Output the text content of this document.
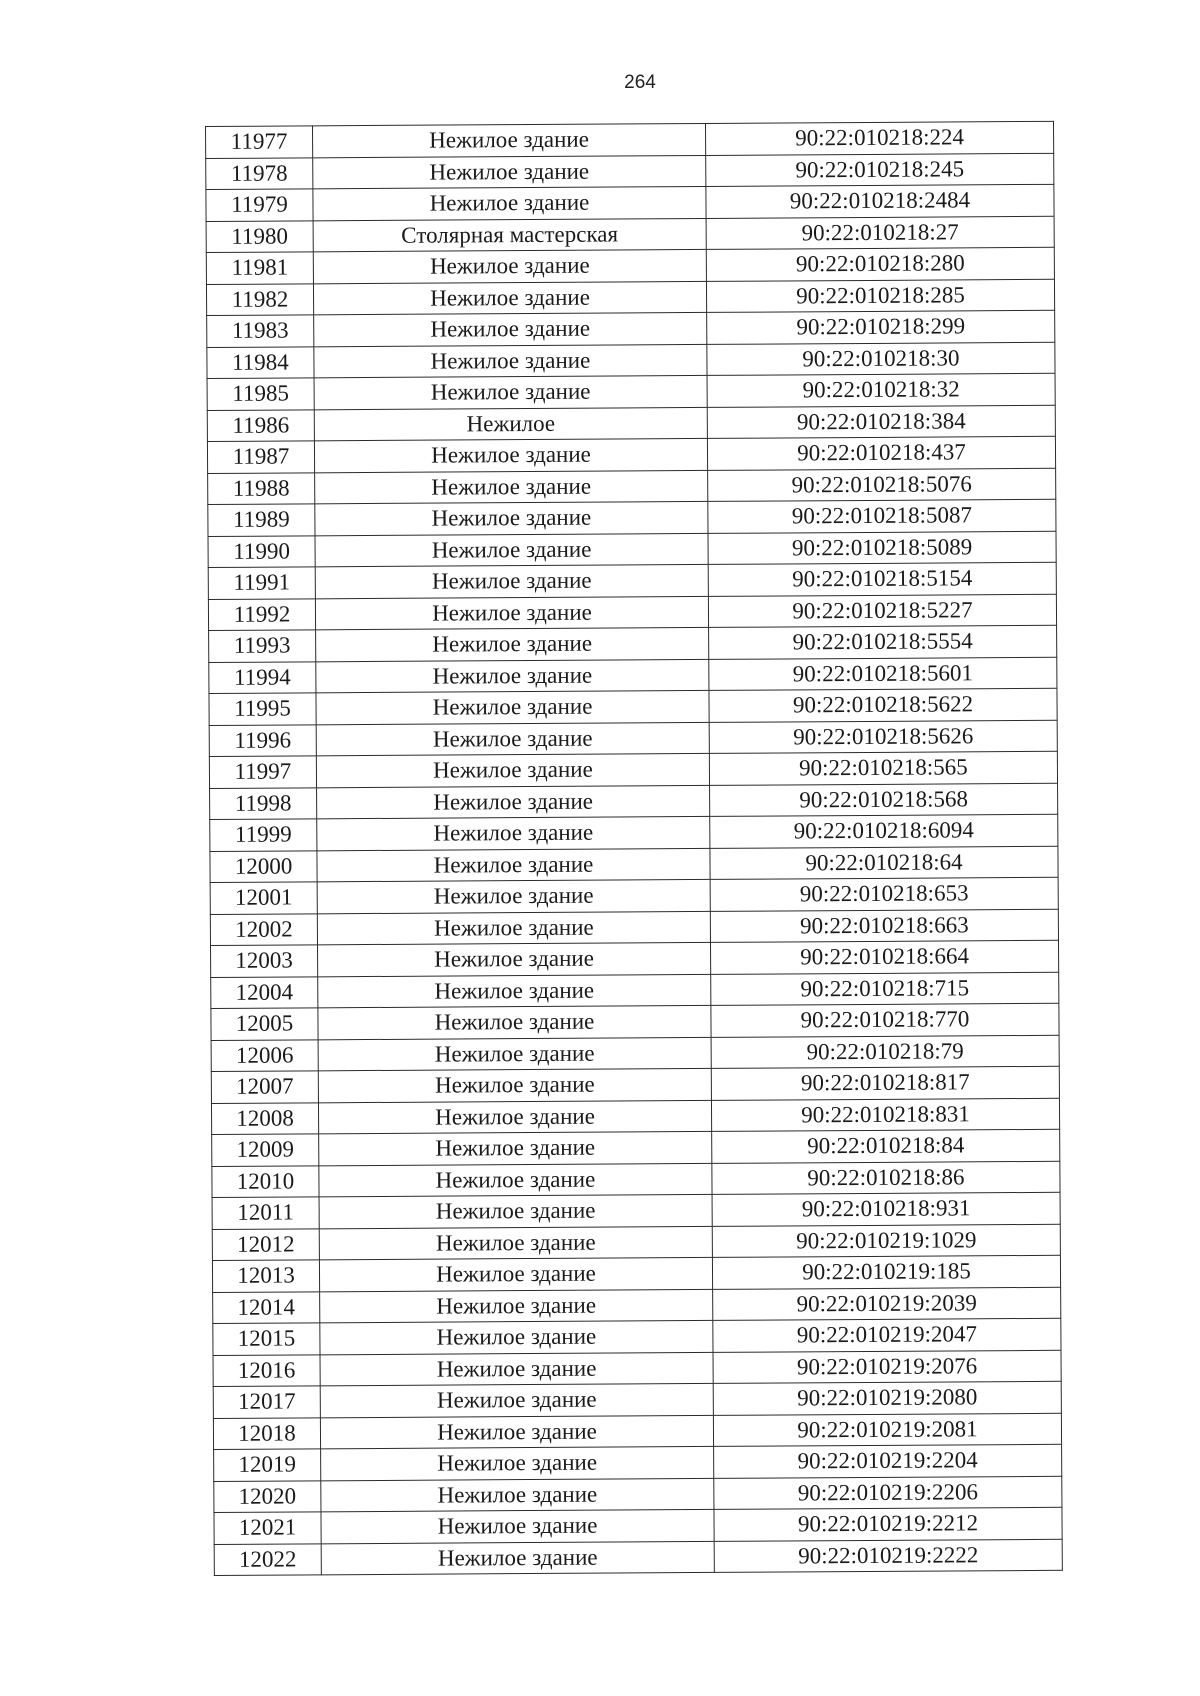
264
11977	Нежилое здание	90:22:010218:224
11978	Нежилое здание	90:22:010218:245
11979	Нежилое здание	90:22:010218:2484
11980	Столярная мастерская	90:22:010218:27
11981	Нежилое здание	90:22:010218:280
11982	Нежилое здание	90:22:010218:285
11983	Нежилое здание	90:22:010218:299
11984	Нежилое здание	90:22:010218:30
11985	Нежилое здание	90:22:010218:32
11986	Нежилое	90:22:010218:384
11987	Нежилое здание	90:22:010218:437
11988	Нежилое здание	90:22:010218:5076
11989	Нежилое здание	90:22:010218:5087
11990	Нежилое здание	90:22:010218:5089
11991	Нежилое здание	90:22:010218:5154
11992	Нежилое здание	90:22:010218:5227
11993	Нежилое здание	90:22:010218:5554
11994	Нежилое здание	90:22:010218:5601
11995	Нежилое здание	90:22:010218:5622
11996	Нежилое здание	90:22:010218:5626
11997	Нежилое здание	90:22:010218:565
11998	Нежилое здание	90:22:010218:568
11999	Нежилое здание	90:22:010218:6094
12000	Нежилое здание	90:22:010218:64
12001	Нежилое здание	90:22:010218:653
12002	Нежилое здание	90:22:010218:663
12003	Нежилое здание	90:22:010218:664
12004	Нежилое здание	90:22:010218:715
12005	Нежилое здание	90:22:010218:770
12006	Нежилое здание	90:22:010218:79
12007	Нежилое здание	90:22:010218:817
12008	Нежилое здание	90:22:010218:831
12009	Нежилое здание	90:22:010218:84
12010	Нежилое здание	90:22:010218:86
12011	Нежилое здание	90:22:010218:931
12012	Нежилое здание	90:22:010219:1029
12013	Нежилое здание	90:22:010219:185
12014	Нежилое здание	90:22:010219:2039
12015	Нежилое здание	90:22:010219:2047
12016	Нежилое здание	90:22:010219:2076
12017	Нежилое здание	90:22:010219:2080
12018	Нежилое здание	90:22:010219:2081
12019	Нежилое здание	90:22:010219:2204
12020	Нежилое здание	90:22:010219:2206
12021	Нежилое здание	90:22:010219:2212
12022	Нежилое здание	90:22:010219:2222
